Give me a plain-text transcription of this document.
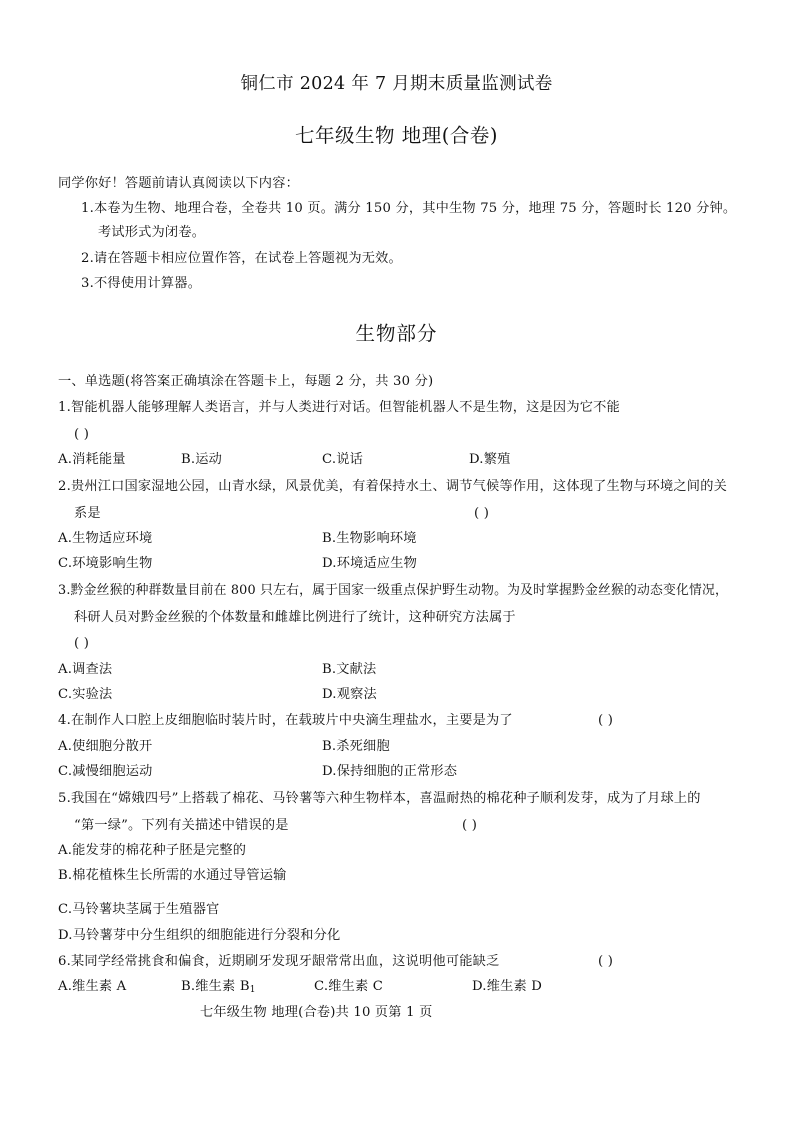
铜仁市 2024 年 7 月期末质量监测试卷
七年级生物 地理(合卷)
同学你好！答题前请认真阅读以下内容：
1.本卷为生物、地理合卷，全卷共 10 页。满分 150 分，其中生物 75 分，地理 75 分，答题时长 120 分钟。
考试形式为闭卷。
2.请在答题卡相应位置作答，在试卷上答题视为无效。
3.不得使用计算器。
生物部分
一、单选题(将答案正确填涂在答题卡上，每题 2 分，共 30 分)
1.智能机器人能够理解人类语言，并与人类进行对话。但智能机器人不是生物，这是因为它不能
( )
A.消耗能量	B.运动	C.说话	D.繁殖
2.贵州江口国家湿地公园，山青水绿，风景优美，有着保持水土、调节气候等作用，这体现了生物与环境之间的关
系是	( )
A.生物适应环境	B.生物影响环境
C.环境影响生物	D.环境适应生物
3.黔金丝猴的种群数量目前在 800 只左右，属于国家一级重点保护野生动物。为及时掌握黔金丝猴的动态变化情况，
科研人员对黔金丝猴的个体数量和雌雄比例进行了统计，这种研究方法属于
( )
A.调查法	B.文献法
C.实验法	D.观察法
4.在制作人口腔上皮细胞临时装片时，在载玻片中央滴生理盐水，主要是为了	( )
A.使细胞分散开	B.杀死细胞
C.减慢细胞运动	D.保持细胞的正常形态
5.我国在“嫦娥四号”上搭载了棉花、马铃薯等六种生物样本，喜温耐热的棉花种子顺利发芽，成为了月球上的
“第一绿”。下列有关描述中错误的是	( )
A.能发芽的棉花种子胚是完整的
B.棉花植株生长所需的水通过导管运输
C.马铃薯块茎属于生殖器官
D.马铃薯芽中分生组织的细胞能进行分裂和分化
6.某同学经常挑食和偏食，近期刷牙发现牙龈常常出血，这说明他可能缺乏	( )
A.维生素 A	B.维生素 $B_1$	C.维生素 C	D.维生素 D
七年级生物 地理(合卷)共 10 页第 1 页
